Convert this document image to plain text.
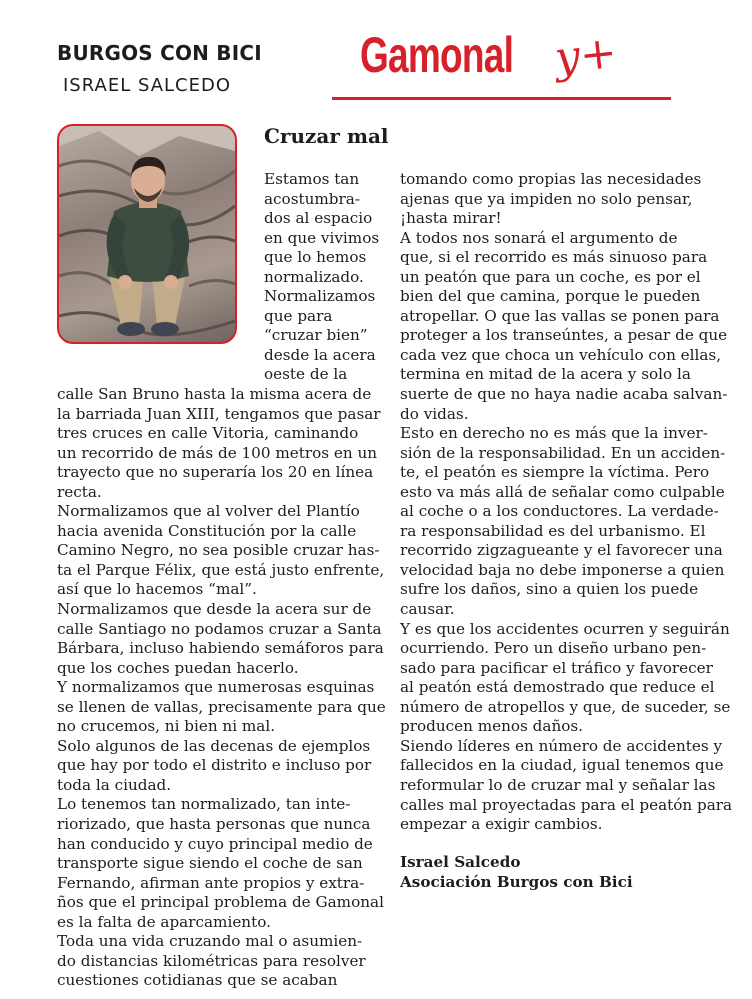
BURGOS CON BICI
ISRAEL SALCEDO
Gamonal y+
Cruzar mal

Estamos tan

acostumbra-

dos al espacio

en que vivimos

que lo hemos

normalizado.

Normalizamos

que para

“cruzar bien”

desde la acera

oeste de la

calle San Bruno hasta la misma acera de

la barriada Juan XIII, tengamos que pasar

tres cruces en calle Vitoria, caminando

un recorrido de más de 100 metros en un

trayecto que no superaría los 20 en línea

recta.

Normalizamos que al volver del Plantío

hacia avenida Constitución por la calle

Camino Negro, no sea posible cruzar has-

ta el Parque Félix, que está justo enfrente,

así que lo hacemos “mal”.

Normalizamos que desde la acera sur de

calle Santiago no podamos cruzar a Santa

Bárbara, incluso habiendo semáforos para

que los coches puedan hacerlo.

Y normalizamos que numerosas esquinas

se llenen de vallas, precisamente para que

no crucemos, ni bien ni mal.

Solo algunos de las decenas de ejemplos

que hay por todo el distrito e incluso por

toda la ciudad.

Lo tenemos tan normalizado, tan inte-

riorizado, que hasta personas que nunca

han conducido y cuyo principal medio de

transporte sigue siendo el coche de san

Fernando, afirman ante propios y extra-

ños que el principal problema de Gamonal

es la falta de aparcamiento.

Toda una vida cruzando mal o asumien-

do distancias kilométricas para resolver

cuestiones cotidianas que se acaban

tomando como propias las necesidades

ajenas que ya impiden no solo pensar,

¡hasta mirar!

A todos nos sonará el argumento de

que, si el recorrido es más sinuoso para

un peatón que para un coche, es por el

bien del que camina, porque le pueden

atropellar. O que las vallas se ponen para

proteger a los transeúntes, a pesar de que

cada vez que choca un vehículo con ellas,

termina en mitad de la acera y solo la

suerte de que no haya nadie acaba salvan-

do vidas.

Esto en derecho no es más que la inver-

sión de la responsabilidad. En un acciden-

te, el peatón es siempre la víctima. Pero

esto va más allá de señalar como culpable

al coche o a los conductores. La verdade-

ra responsabilidad es del urbanismo. El

recorrido zigzagueante y el favorecer una

velocidad baja no debe imponerse a quien

sufre los daños, sino a quien los puede

causar.

Y es que los accidentes ocurren y seguirán

ocurriendo. Pero un diseño urbano pen-

sado para pacificar el tráfico y favorecer

al peatón está demostrado que reduce el

número de atropellos y que, de suceder, se

producen menos daños.

Siendo líderes en número de accidentes y

fallecidos en la ciudad, igual tenemos que

reformular lo de cruzar mal y señalar las

calles mal proyectadas para el peatón para

empezar a exigir cambios.

Israel Salcedo

Asociación Burgos con Bici
